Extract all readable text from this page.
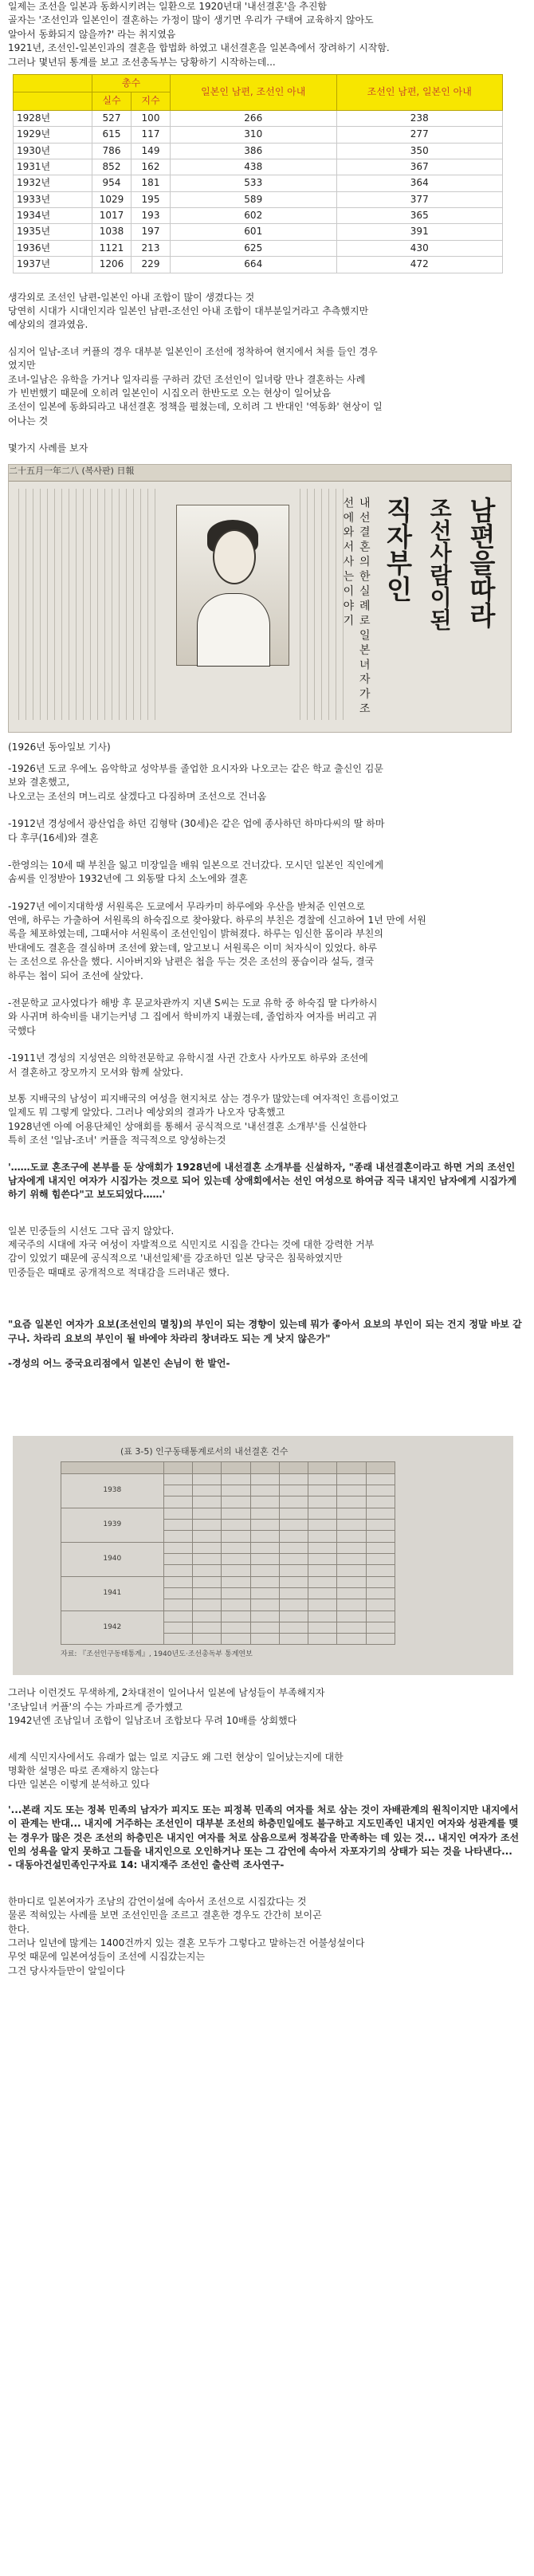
일제는 조선을 일본과 동화시키려는 일환으로 1920년대 '내선결혼'을 추진함

골자는 '조선인과 일본인이 결혼하는 가정이 많이 생기면 우리가 구태여 교육하지 않아도

알아서 동화되지 않을까?' 라는 취지였음

1921년, 조선인-일본인과의 결혼을 합법화 하였고 내선결혼을 일본측에서 장려하기 시작함.

그러나 몇년뒤 통계를 보고 조선총독부는 당황하기 시작하는데...

	총수		일본인 남편, 조선인 아내	조선인 남편, 일본인 아내
	실수	지수		
1928년	527	100	266	238
1929년	615	117	310	277
1930년	786	149	386	350
1931년	852	162	438	367
1932년	954	181	533	364
1933년	1029	195	589	377
1934년	1017	193	602	365
1935년	1038	197	601	391
1936년	1121	213	625	430
1937년	1206	229	664	472

생각외로 조선인 남편-일본인 아내 조합이 많이 생겼다는 것

당연히 시대가 시대인지라 일본인 남편-조선인 아내 조합이 대부분일거라고 추측했지만

예상외의 결과였음.

심지어 일남-조녀 커플의 경우 대부분 일본인이 조선에 정착하여 현지에서 처를 들인 경우

였지만

조녀-일남은 유학을 가거나 일자리를 구하러 갔던 조선인이 일녀랑 만나 결혼하는 사례

가 빈번했기 때문에 오히려 일본인이 시집오러 한반도로 오는 현상이 일어났음

조선이 일본에 동화되라고 내선결혼 정책을 펼쳤는데, 오히려 그 반대인 '역동화' 현상이 일

어나는 것

몇가지 사례를 보자

二十五月一年二八 (복사판) 日報
남편을따라
조선사람이된
직자부인
내 선 결 혼 의 한 실 례 로 일 본 녀 자 가 조 선 에 와 서 사 는 이 야 기

(1926년 동아일보 기사)

-1926년 도쿄 우에노 음악학교 성악부를 졸업한 요시자와 나오코는 같은 학교 출신인 김문

보와 결혼했고,

나오코는 조선의 며느리로 살겠다고 다짐하며 조선으로 건너옴

-1912년 경성에서 광산업을 하던 김형탁 (30세)은 같은 업에 종사하던 하마다씨의 딸 하마

다 후쿠(16세)와 결혼

-한영의는 10세 때 부친을 잃고 미장일을 배워 일본으로 건너갔다. 모시던 일본인 직인에게

솜씨를 인정받아 1932년에 그 외동딸 다치 소노에와 결혼

-1927년 에이지대학생 서원록은 도쿄에서 무라카미 하루에와 우산을 받쳐준 인연으로

연애, 하루는 가출하여 서원록의 하숙집으로 찾아왔다. 하루의 부친은 경찰에 신고하여 1년 만에 서원

록을 체포하였는데, 그때서야 서원록이 조선인임이 밝혀졌다. 하루는 임신한 몸이라 부친의

반대에도 결혼을 결심하며 조선에 왔는데, 알고보니 서원록은 이미 처자식이 있었다. 하루

는 조선으로 유산을 했다. 시아버지와 남편은 첩을 두는 것은 조선의 풍습이라 설득, 결국

하루는 첩이 되어 조선에 살았다.

-전문학교 교사였다가 해방 후 문교차관까지 지낸 S씨는 도쿄 유학 중 하숙집 딸 다카하시

와 사귀며 하숙비를 내기는커녕 그 집에서 학비까지 내줬는데, 졸업하자 여자를 버리고 귀

국했다

-1911년 경성의 지성연은 의학전문학교 유학시절 사귄 간호사 사카모토 하루와 조선에

서 결혼하고 장모까지 모셔와 함께 살았다.

보통 지배국의 남성이 피지배국의 여성을 현지처로 삼는 경우가 많았는데 여자적인 흐름이었고

일제도 뭐 그렇게 알았다. 그러나 예상외의 결과가 나오자 당혹했고

1928년엔 아예 어용단체인 상애회를 통해서 공식적으로 '내선결혼 소개부'를 신설한다

특히 조선 '일남-조녀' 커플을 적극적으로 양성하는것

'……도쿄 혼조구에 본부를 둔 상애회가 1928년에 내선결혼 소개부를 신설하자, "종래 내선결혼이라고 하면 거의 조선인 남자에게 내지인 여자가 시집가는 것으로 되어 있는데 상애회에서는 선인 여성으로 하여금 직극 내지인 남자에게 시집가게 하기 위해 힘쓴다"고 보도되었다……'

일본 민중들의 시선도 그닥 곱지 않았다.

제국주의 시대에 자국 여성이 자발적으로 식민지로 시집을 간다는 것에 대한 강력한 거부

감이 있었기 때문에 공식적으로 '내선일체'를 강조하던 일본 당국은 침묵하였지만

민중들은 때때로 공개적으로 적대감을 드러내곤 했다.

"요즘 일본인 여자가 요보(조선인의 멸칭)의 부인이 되는 경향이 있는데 뭐가 좋아서 요보의 부인이 되는 건지 정말 바보 같구나. 차라리 요보의 부인이 될 바에야 차라리 창녀라도 되는 게 낫지 않은가"

-경성의 어느 중국요리점에서 일본인 손님이 한 발언-

(표 3-5) 인구동태통계로서의 내선결혼 건수

1938								

1939								

1940								

1941								

1942								

자료: 『조선인구동태통계』, 1940년도·조선총독부 통계연보

그러나 이런것도 무색하게, 2차대전이 일어나서 일본에 남성들이 부족해지자

'조남일녀 커플'의 수는 가파르게 증가했고

1942년엔 조남일녀 조합이 일남조녀 조합보다 무려 10배를 상회했다

세계 식민지사에서도 유래가 없는 일로 지금도 왜 그런 현상이 일어났는지에 대한

명확한 설명은 따로 존재하지 않는다

다만 일본은 이렇게 분석하고 있다

'...본래 지도 또는 정복 민족의 남자가 피지도 또는 피정복 민족의 여자를 처로 삼는 것이 자배관계의 원칙이지만 내지에서 이 관계는 반대... 내지에 거주하는 조선인이 대부분 조선의 하층민일에도 불구하고 지도민족인 내지인 여자와 성관계를 맺는 경우가 많은 것은 조선의 하층민은 내지인 여자를 처로 삼음으로써 정복감을 만족하는 데 있는 것... 내지인 여자가 조선인의 성욕을 알지 못하고 그들을 내지인으로 오인하거나 또는 그 감언에 속아서 자포자기의 상태가 되는 것을 나타낸다...

- 대동아건설민족인구자료 14: 내지재주 조선인 출산력 조사연구-

한마디로 일본여자가 조남의 감언이설에 속아서 조선으로 시집갔다는 것

물론 적혀있는 사례를 보면 조선인민을 조르고 결혼한 경우도 간간히 보이곤

한다.

그러나 일년에 많게는 1400건까지 있는 결혼 모두가 그렇다고 말하는건 어불성설이다

무엇 때문에 일본여성들이 조선에 시집갔는지는

그건 당사자들만이 알일이다
